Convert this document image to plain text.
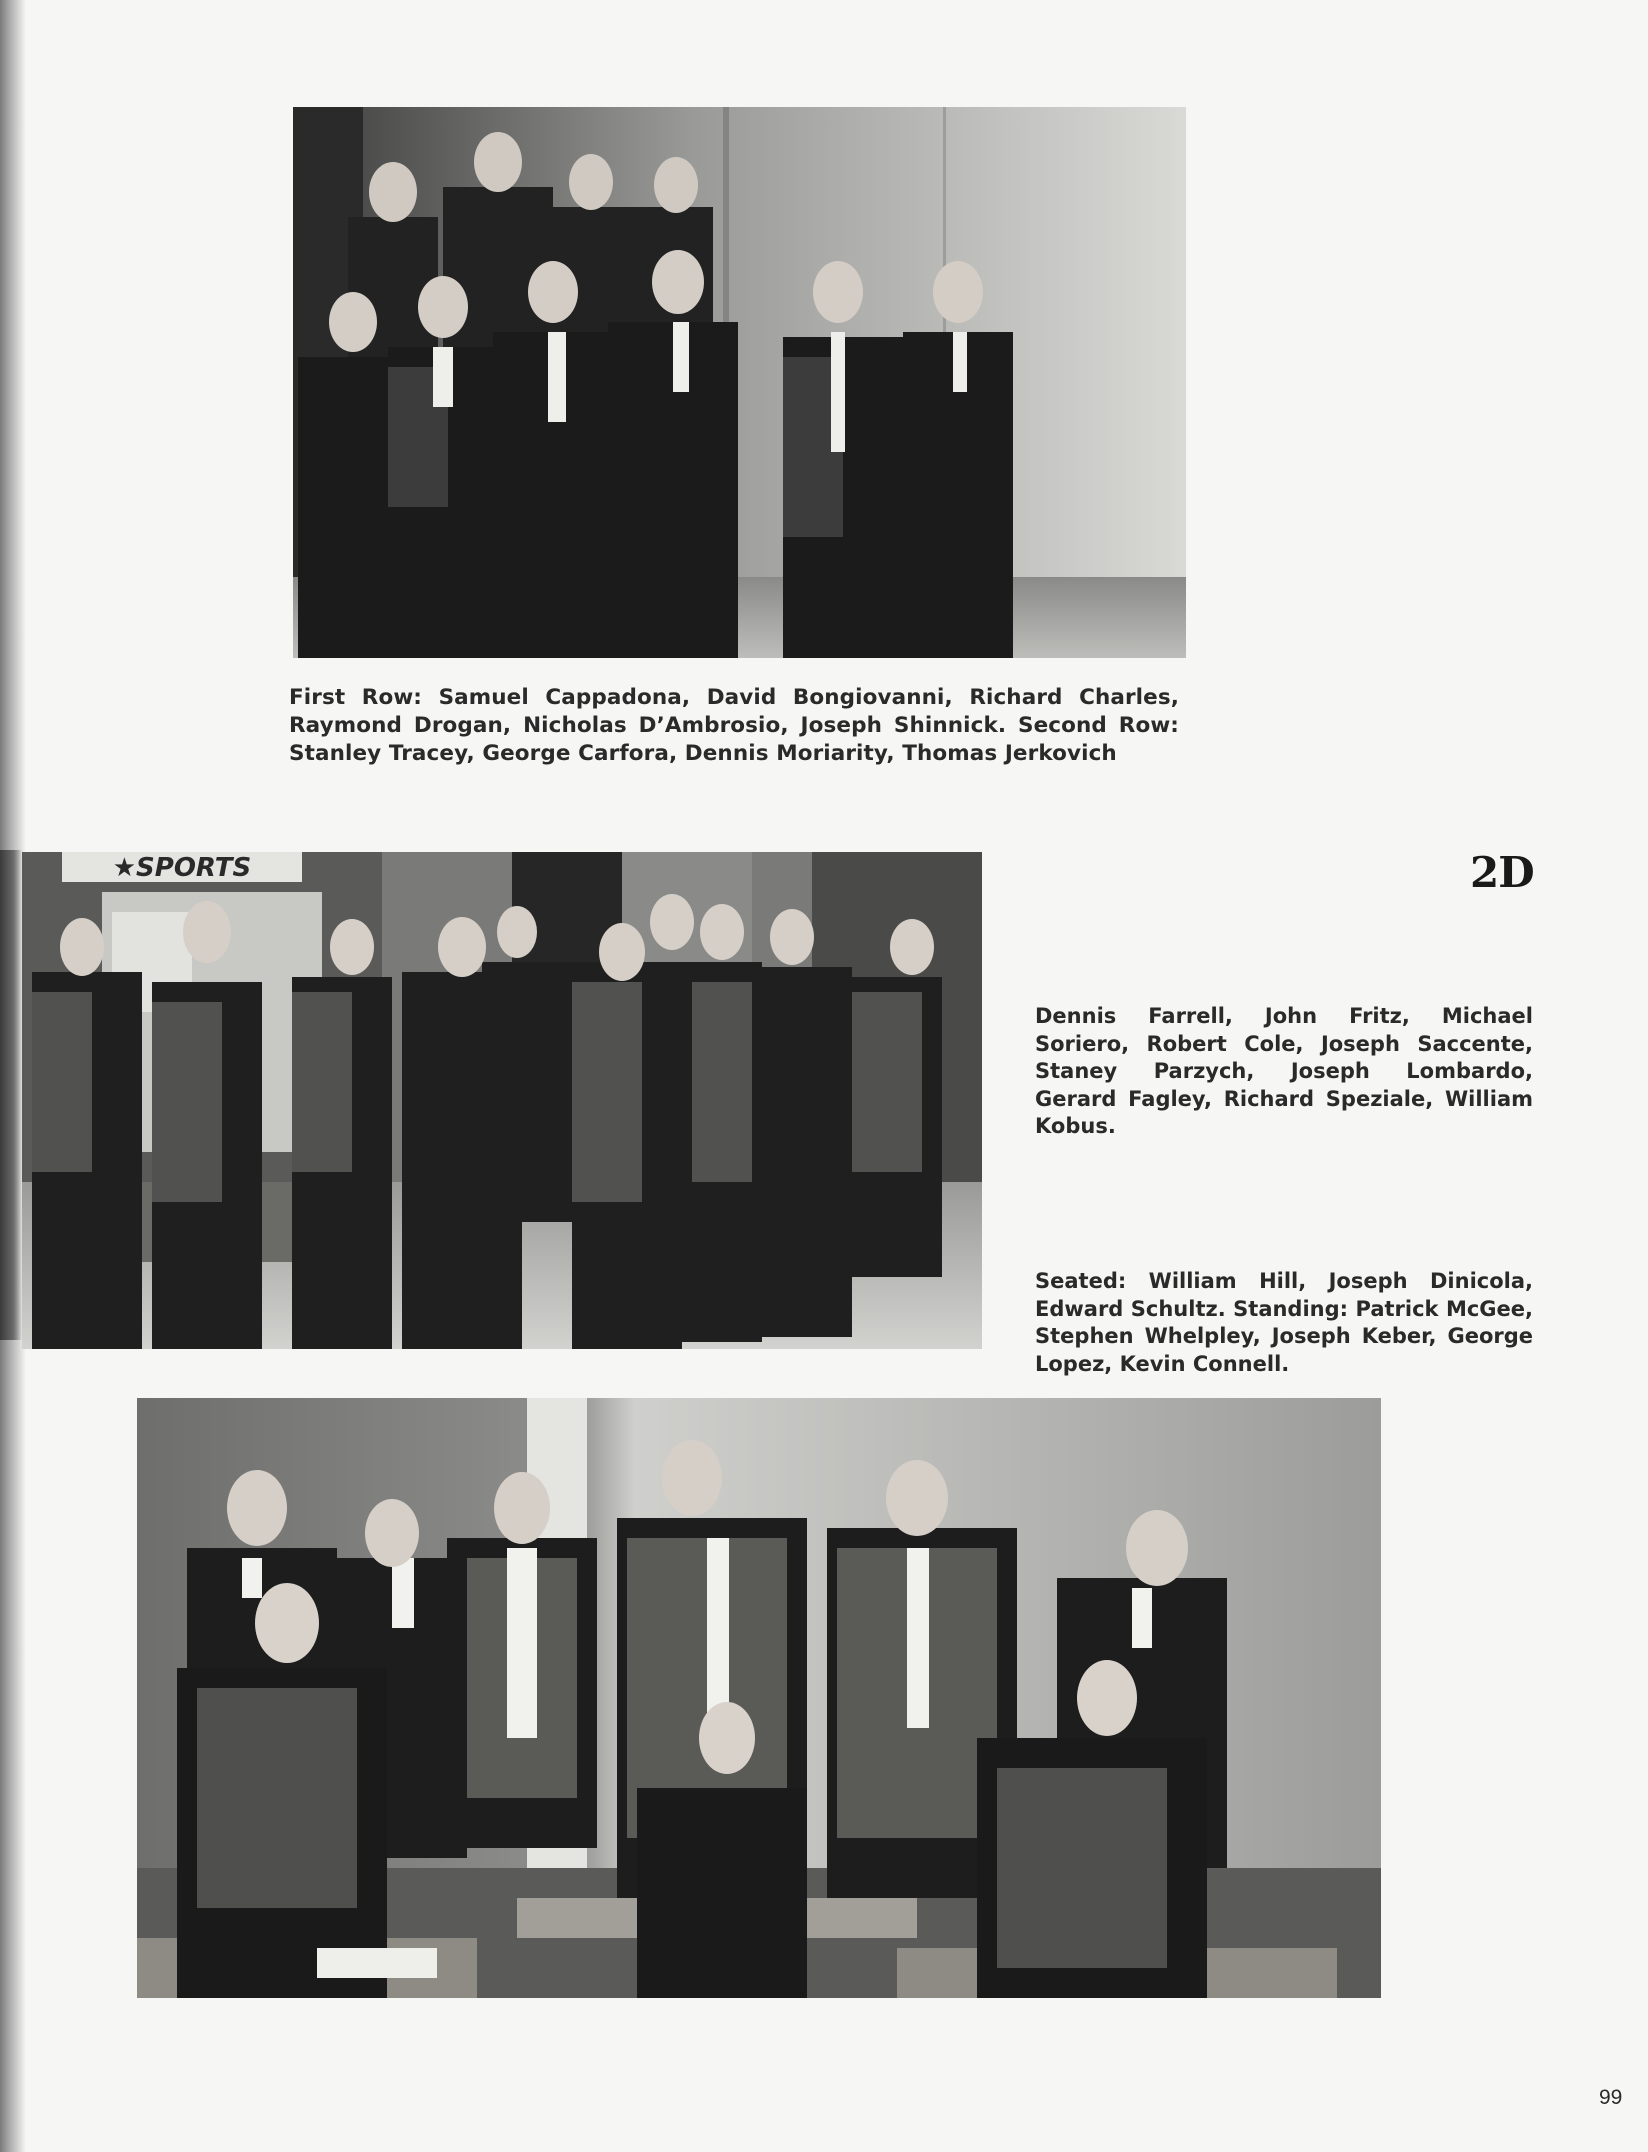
First Row: Samuel Cappadona, David Bongiovanni, Richard Charles, Raymond Drogan, Nicholas D’Ambrosio, Joseph Shinnick. Second Row: Stanley Tracey, George Carfora, Dennis Moriarity, Thomas Jerkovich

2D

★SPORTS

Dennis Farrell, John Fritz, Michael Soriero, Robert Cole, Joseph Saccente, Staney Parzych, Joseph Lombardo, Gerard Fagley, Richard Speziale, William Kobus.

Seated: William Hill, Joseph Dinicola, Edward Schultz. Standing: Patrick McGee, Stephen Whelpley, Joseph Keber, George Lopez, Kevin Connell.

99
